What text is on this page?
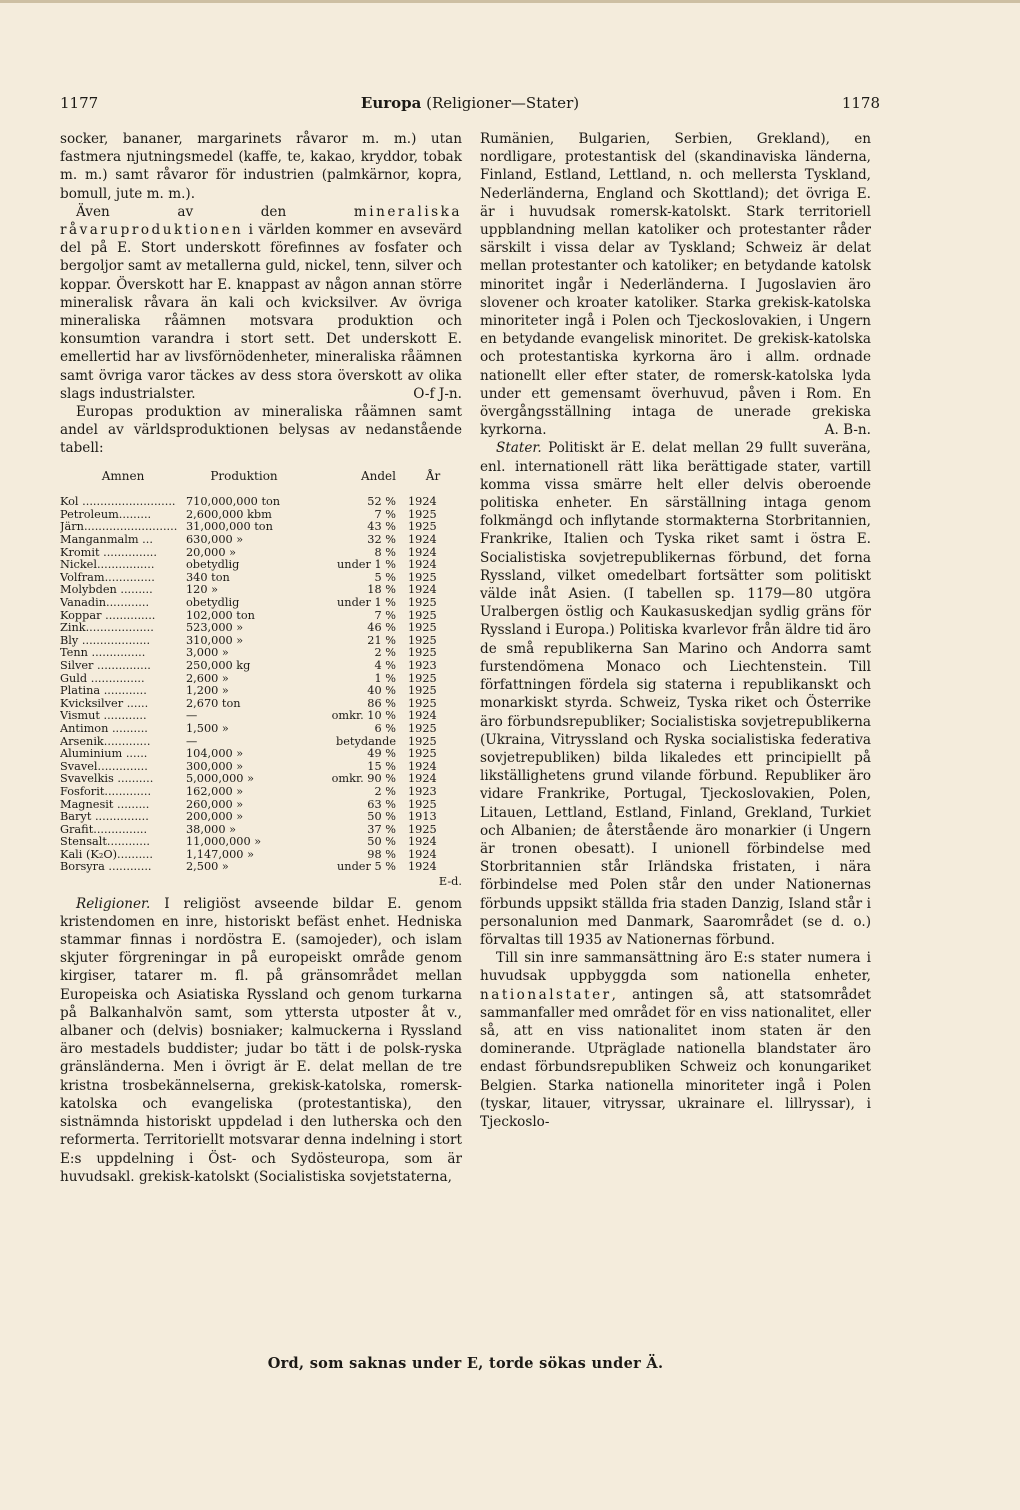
1177	Europa (Religioner—Stater)	1178

socker, bananer, margarinets råvaror m. m.) utan fastmera njutningsmedel (kaffe, te, kakao, kryddor, tobak m. m.) samt råvaror för industrien (palmkärnor, kopra, bomull, jute m. m.).

Även av den mineraliska råvaruproduktionen i världen kommer en avsevärd del på E. Stort underskott förefinnes av fosfater och bergoljor samt av metallerna guld, nickel, tenn, silver och koppar. Överskott har E. knappast av någon annan större mineralisk råvara än kali och kvicksilver. Av övriga mineraliska råämnen motsvara produktion och konsumtion varandra i stort sett. Det underskott E. emellertid har av livsförnödenheter, mineraliska råämnen samt övriga varor täckes av dess stora överskott av olika slags industrialster.	O-f J-n.

Europas produktion av mineraliska råämnen samt andel av världsproduktionen belysas av nedanstående tabell:

Ämnen	Produktion	Andel	År
Kol .......................... 710,000,000 ton	52 %	1924
Petroleum.........	2,600,000 kbm	7 %	1925
Järn.......................... 31,000,000 ton	43 %	1925
Manganmalm ...	630,000 »	32 %	1924
Kromit ...............	20,000 »	8 %	1924
Nickel................	obetydlig	under 1 %	1924
Volfram..............	340 ton	5 %	1925
Molybden .........	120 »	18 %	1924
Vanadin............	obetydlig	under 1 %	1925
Koppar ..............	102,000 ton	7 %	1925
Zink...................	523,000 »	46 %	1925
Bly ...................	310,000 »	21 %	1925
Tenn ...............	3,000 »	2 %	1925
Silver ...............	250,000 kg	4 %	1923
Guld ...............	2,600 »	1 %	1925
Platina ............	1,200 »	40 %	1925
Kvicksilver ......	2,670 ton	86 %	1925
Vismut ............	—	omkr. 10 %	1924
Antimon ..........	1,500 »	6 %	1925
Arsenik.............	—	betydande	1925
Aluminium ......	104,000 »	49 %	1925
Svavel..............	300,000 »	15 %	1924
Svavelkis ..........	5,000,000 »	omkr. 90 %	1924
Fosforit.............	162,000 »	2 %	1923
Magnesit .........	260,000 »	63 %	1925
Baryt ...............	200,000 »	50 %	1913
Grafit...............	38,000 »	37 %	1925
Stensalt............	11,000,000 »	50 %	1924
Kali (K₂O)..........	1,147,000 »	98 %	1924
Borsyra ............	2,500 »	under 5 %	1924
E-d.

Religioner. I religiöst avseende bildar E. genom kristendomen en inre, historiskt befäst enhet. Hedniska stammar finnas i nordöstra E. (samojeder), och islam skjuter förgreningar in på europeiskt område genom kirgiser, tatarer m. fl. på gränsområdet mellan Europeiska och Asiatiska Ryssland och genom turkarna på Balkanhalvön samt, som yttersta utposter åt v., albaner och (delvis) bosniaker; kalmuckerna i Ryssland äro mestadels buddister; judar bo tätt i de polsk-ryska gränsländerna. Men i övrigt är E. delat mellan de tre kristna trosbekännelserna, grekisk-katolska, romersk-katolska och evangeliska (protestantiska), den sistnämnda historiskt uppdelad i den lutherska och den reformerta. Territoriellt motsvarar denna indelning i stort E:s uppdelning i Öst- och Sydösteuropa, som är huvudsakl. grekisk-katolskt (Socialistiska sovjetstaterna,

Rumänien, Bulgarien, Serbien, Grekland), en nordligare, protestantisk del (skandinaviska länderna, Finland, Estland, Lettland, n. och mellersta Tyskland, Nederländerna, England och Skottland); det övriga E. är i huvudsak romersk-katolskt. Stark territoriell uppblandning mellan katoliker och protestanter råder särskilt i vissa delar av Tyskland; Schweiz är delat mellan protestanter och katoliker; en betydande katolsk minoritet ingår i Nederländerna. I Jugoslavien äro slovener och kroater katoliker. Starka grekisk-katolska minoriteter ingå i Polen och Tjeckoslovakien, i Ungern en betydande evangelisk minoritet. De grekisk-katolska och protestantiska kyrkorna äro i allm. ordnade nationellt eller efter stater, de romersk-katolska lyda under ett gemensamt överhuvud, påven i Rom. En övergångsställning intaga de unerade grekiska kyrkorna.	A. B-n.

Stater. Politiskt är E. delat mellan 29 fullt suveräna, enl. internationell rätt lika berättigade stater, vartill komma vissa smärre helt eller delvis oberoende politiska enheter. En särställning intaga genom folkmängd och inflytande stormakterna Storbritannien, Frankrike, Italien och Tyska riket samt i östra E. Socialistiska sovjetrepublikernas förbund, det forna Ryssland, vilket omedelbart fortsätter som politiskt välde inåt Asien. (I tabellen sp. 1179—80 utgöra Uralbergen östlig och Kaukasuskedjan sydlig gräns för Ryssland i Europa.) Politiska kvarlevor från äldre tid äro de små republikerna San Marino och Andorra samt furstendömena Monaco och Liechtenstein. Till författningen fördela sig staterna i republikanskt och monarkiskt styrda. Schweiz, Tyska riket och Österrike äro förbundsrepubliker; Socialistiska sovjetrepublikerna (Ukraina, Vitryssland och Ryska socialistiska federativa sovjetrepubliken) bilda likaledes ett principiellt på likställighetens grund vilande förbund. Republiker äro vidare Frankrike, Portugal, Tjeckoslovakien, Polen, Litauen, Lettland, Estland, Finland, Grekland, Turkiet och Albanien; de återstående äro monarkier (i Ungern är tronen obesatt). I unionell förbindelse med Storbritannien står Irländska fristaten, i nära förbindelse med Polen står den under Nationernas förbunds uppsikt ställda fria staden Danzig, Island står i personalunion med Danmark, Saarområdet (se d. o.) förvaltas till 1935 av Nationernas förbund.

Till sin inre sammansättning äro E:s stater numera i huvudsak uppbyggda som nationella enheter, nationalstater, antingen så, att statsområdet sammanfaller med området för en viss nationalitet, eller så, att en viss nationalitet inom staten är den dominerande. Utpräglade nationella blandstater äro endast förbundsrepubliken Schweiz och konungariket Belgien. Starka nationella minoriteter ingå i Polen (tyskar, litauer, vitryssar, ukrainare el. lillryssar), i Tjeckoslo-

Ord, som saknas under E, torde sökas under Ä.
